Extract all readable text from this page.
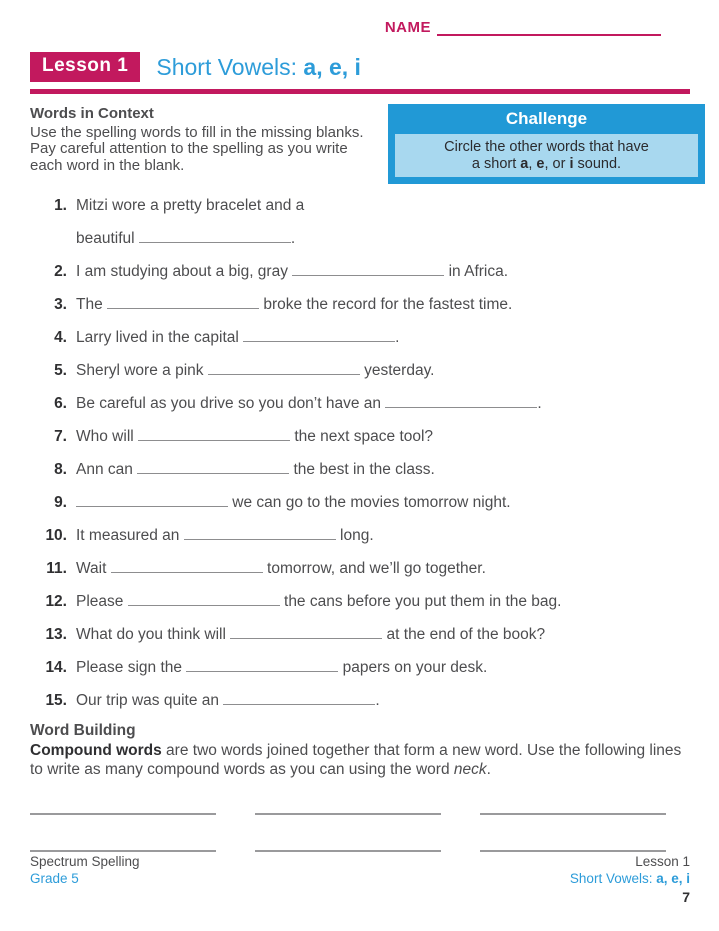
NAME
Lesson 1	Short Vowels: a, e, i

Words in Context

Use the spelling words to fill in the missing blanks. Pay careful attention to the spelling as you write each word in the blank.

Challenge
Circle the other words that have
a short a, e, or i sound.
1. Mitzi wore a pretty bracelet and a
beautiful	.
2. I am studying about a big, gray	in Africa.
3. The	broke the record for the fastest time.
4. Larry lived in the capital	.
5. Sheryl wore a pink	yesterday.
6. Be careful as you drive so you don’t have an	.
7. Who will	the next space tool?
8. Ann can	the best in the class.
9.	we can go to the movies tomorrow night.
10. It measured an	long.
11. Wait	tomorrow, and we’ll go together.
12. Please	the cans before you put them in the bag.
13. What do you think will	at the end of the book?
14. Please sign the	papers on your desk.
15. Our trip was quite an	.

Word Building

Compound words are two words joined together that form a new word. Use the following lines to write as many compound words as you can using the word neck.

Spectrum Spelling
Grade 5
Lesson 1
Short Vowels: a, e, i
7
